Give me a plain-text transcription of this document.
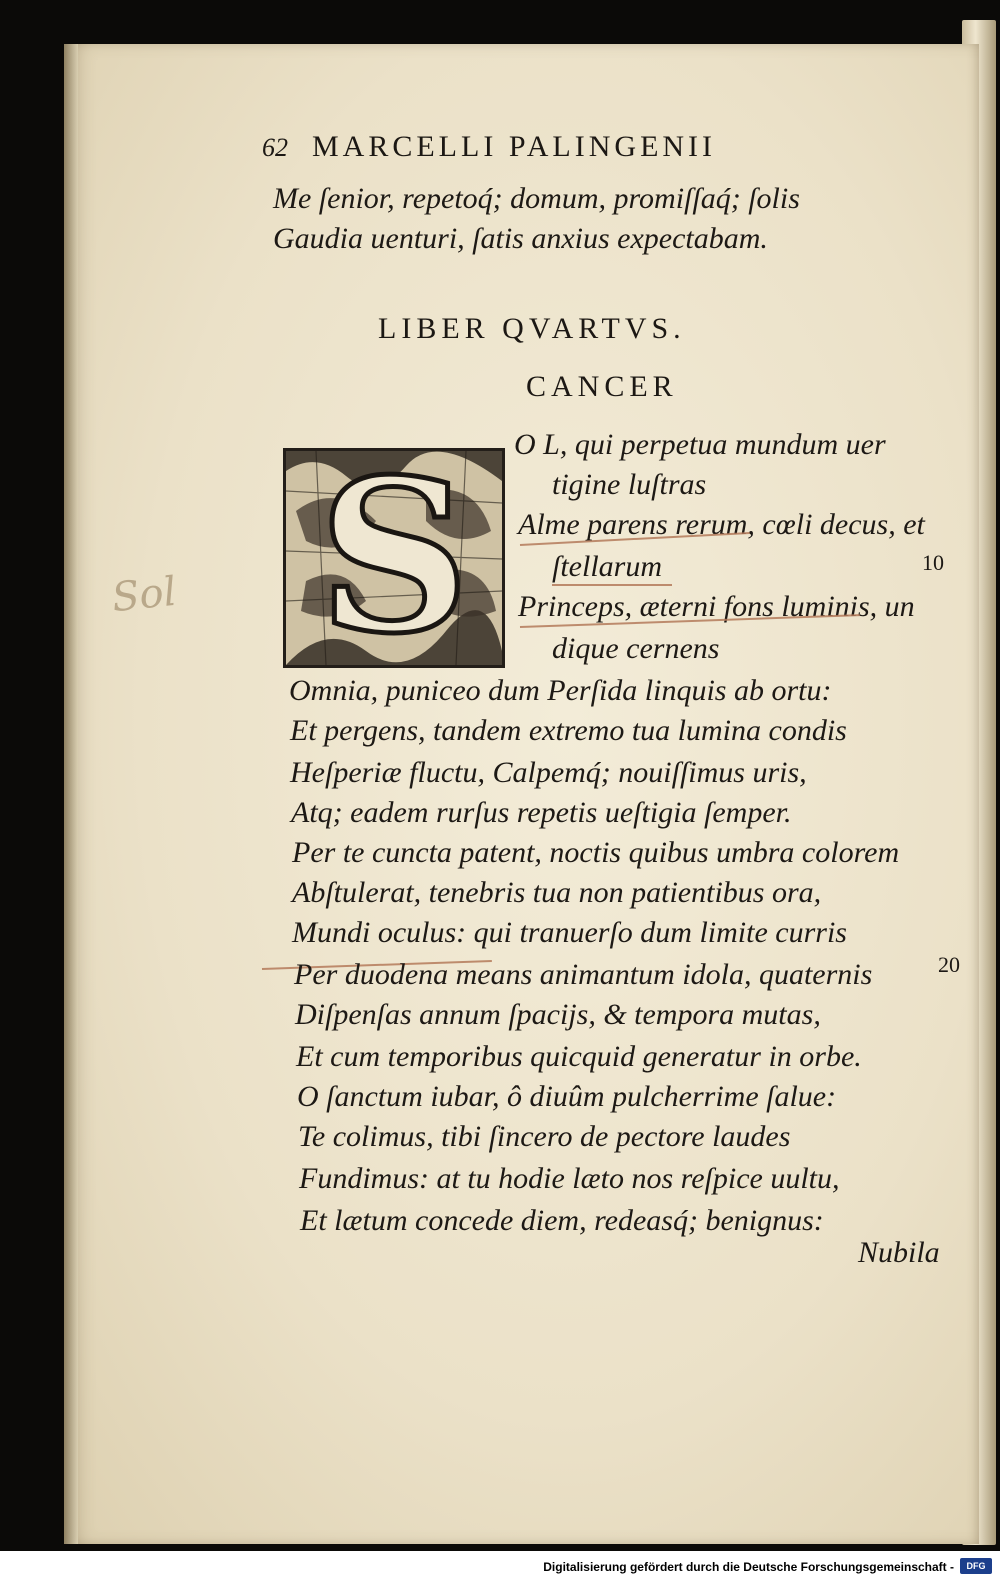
62 MARCELLI PALINGENII
Me ſenior, repetoq́; domum, promiſſaq́; ſolis
Gaudia uenturi, ſatis anxius expectabam.
LIBER QVARTVS.
CANCER
S	O L, qui perpetua mundum uer
tigine luſtras
Alme parens rerum, cœli decus, et
ſtellarum
Princeps, æterni fons luminis, un
dique cernens
Sol
10
20
Omnia, puniceo dum Perſida linquis ab ortu:
Et pergens, tandem extremo tua lumina condis
Heſperiæ fluctu, Calpemq́; nouiſſimus uris,
Atq; eadem rurſus repetis ueſtigia ſemper.
Per te cuncta patent, noctis quibus umbra colorem
Abſtulerat, tenebris tua non patientibus ora,
Mundi oculus: qui tranuerſo dum limite curris
Per duodena means animantum idola, quaternis
Diſpenſas annum ſpacijs, & tempora mutas,
Et cum temporibus quicquid generatur in orbe.
O ſanctum iubar, ô diuûm pulcherrime ſalue:
Te colimus, tibi ſincero de pectore laudes
Fundimus: at tu hodie læto nos reſpice uultu,
Et lætum concede diem, redeasq́; benignus:
Nubila
Digitalisierung gefördert durch die Deutsche Forschungsgemeinschaft -	DFG
